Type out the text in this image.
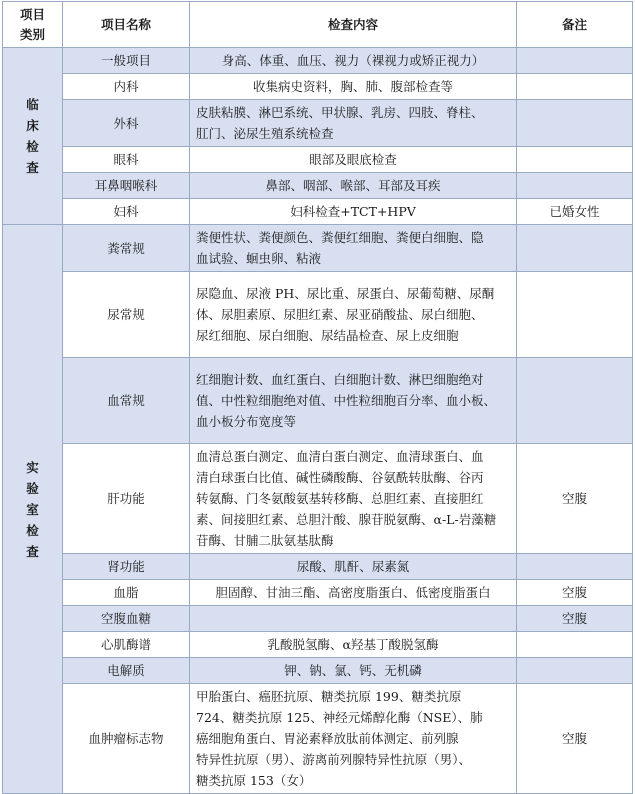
项目
类别	项目名称	检查内容	备注
临
床
检
查	一般项目	身高、体重、血压、视力（裸视力或矫正视力）	
	内科	收集病史资料，胸、肺、腹部检查等	
	外科	皮肤粘膜、淋巴系统、甲状腺、乳房、四肢、脊柱、
肛门、泌尿生殖系统检查	
	眼科	眼部及眼底检查	
	耳鼻咽喉科	鼻部、咽部、喉部、耳部及耳疾	
	妇科	妇科检查+TCT+HPV	已婚女性

实
验
室
检
查	粪常规	粪便性状、粪便颜色、粪便红细胞、粪便白细胞、隐
血试验、蛔虫卵、粘液	
	尿常规	尿隐血、尿液 PH、尿比重、尿蛋白、尿葡萄糖、尿酮
体、尿胆素原、尿胆红素、尿亚硝酸盐、尿白细胞、
尿红细胞、尿白细胞、尿结晶检查、尿上皮细胞	
	血常规	红细胞计数、血红蛋白、白细胞计数、淋巴细胞绝对
值、中性粒细胞绝对值、中性粒细胞百分率、血小板、
血小板分布宽度等	
	肝功能	血清总蛋白测定、血清白蛋白测定、血清球蛋白、血
清白球蛋白比值、碱性磷酸酶、谷氨酰转肽酶、谷丙
转氨酶、门冬氨酸氨基转移酶、总胆红素、直接胆红
素、间接胆红素、总胆汁酸、腺苷脱氨酶、α-L-岩藻糖
苷酶、甘脯二肽氨基肽酶	空腹
	肾功能	尿酸、肌酐、尿素氮	
	血脂	胆固醇、甘油三酯、高密度脂蛋白、低密度脂蛋白	空腹
	空腹血糖		空腹
	心肌酶谱	乳酸脱氢酶、α羟基丁酸脱氢酶	
	电解质	钾、钠、氯、钙、无机磷	
	血肿瘤标志物	甲胎蛋白、癌胚抗原、糖类抗原 199、糖类抗原
724、糖类抗原 125、神经元烯醇化酶（NSE）、肺
癌细胞角蛋白、胃泌素释放肽前体测定、前列腺
特异性抗原（男）、游离前列腺特异性抗原（男）、
糖类抗原 153（女）	空腹
